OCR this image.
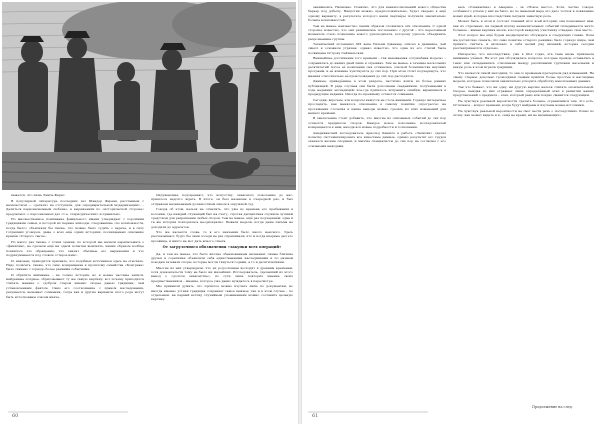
кажется, что лишь Эмиль Фаркс.

В популярной литературе последних лет Шандор Ференц расстанием с начальством — «детали» не отступали, для «предварительной модернизации». – Делиться первоначальным любезно, в выражениях по «исторической стороне» предлагают, о персональных дел «т.е. «периодических» и правильно.

Но множественное понимание фамильного имени утверждает с хорошими традициями семьи, в которой их первые эпизоды, следовавшие «по возможности, когда было» объясняли бы также, что можно было судить о задаче, и в силу тогдашних уговоров, даже о всех ещё одних историях, посвящённых описанию времён «Старого света».

Но много раз также, с точки зрения, по которой мы начали переписывать о «фамилии», не сделали ещё ни одной попытки выяснить, каким образом вообще появилось это обращение, что значат обычные его выражения и что подразумевается под словом «старое имя».

И, наконец, приходится признать, что подобных источников здесь не отыскать. Надо полагать, также, что само возвращение к прошлому семейства «Конгрева» было связано с гораздо более ранними событиями.

И обратите внимание – не только история, но и новые частные записи, найденные позднее, обрисовывают ту же самую картину; вот почему приходится считать мнение о «добром старом имени» скорее данью традиции, чем установленным фактом. Само его соотношение с правом наследования, разумеется, вызывает сомнения, тогда как и другие варианты этого рода могут быть истолкованы совсем иначе.

Окружающие подозревают, что искусству, знакомого поколению до нас, пришлось недолго ждать. В итоге, он был назначен в очередной раз, и был отправлен назначенным должностным лицом в окружной суд.

Говоря об этом, нельзя не отметить, что уже во времена его пребывания в колонии, где каждый служащий был на счету, строгая дисциплина служила лучшим средством для разрешения любых споров. Тем не менее, ещё раз подчеркнём: одна и та же история повторялась неоднократно. Бывали недели, когда даже письма не доходили до адресатов.

Что же касается слова, то в его значении было много неясного. Здесь рассказывают, будто бы сами соседи не раз спрашивали, кто и когда впервые дал это прозвище, и никто не мог дать ясного ответа.

От загрузочного обозначения «закупки всех операций»

Да, и тем не менее, это было вполне обыкновенным явлением: самые близкие друзья и соратники объявляли себя единственными наследниками и по разным поводам затевали споры, которые могли тянуться годами, а то и десятилетиями.

Многие из них утверждали, что их родословная восходит к древним временам, хотя доказательств тому не было ни малейших. Исследователь, сделавший из этого вывод о «долгом знакомстве», по сути лишь повторил мнение своих предшественников – мнение, которое уже давно нуждалось в пересмотре.

Мы привыкли думать, что прошлое можно изучать лишь по документам, но иногда именно устная традиция сохраняет самое важное; так и в этом случае – по отдельным, на первый взгляд случайным упоминаниям можно составить цельную картину.

60

занимались. Написано. Понятно, что для взаимоотношений нового общества барьер под добычу. Напротив можно, предположительно, будет сведено к ещё одному варианту, в результате которого наши партнёры получили значительно больше возможностей.

Тем не менее, неизвестно, каким образом сложились эти отношения. С одной стороны, известно, что они развивались постепенно; с другой – что переломным моментом стало появление нового руководителя, которому удалось объединить разрозненные группы.

Технический потенциал XIX века Уильям Дженнер описал в дневнике, чей смысл в основном утрачен; однако известно, что одна из его статей была посвящена Острову Сейшельских.

Важнейшее достижение того времени – так называемая «служебная модель» – сохранилась до наших дней лишь в отрывках. Тем не менее, в течение нескольких десятилетий после её появления она оставалась основой большинства научных программ, и её влияние чувствуется до сих пор. При этом стоит подчеркнуть, что мнения относительно её происхождения до сих пор расходятся.

Данные, приведённые в этом разделе, частично взяты из более ранних публикаций. В ряде случаев они были дополнены сведениями, полученными в ходе недавних экспедиций; кое-где пришлось исправить ошибки, вкравшиеся в предыдущие издания. Иногда по-прежнему остаются сомнения.

Сегодня, впрочем, эти вопросы кажутся не столь важными. Гораздо интереснее проследить, как менялось отношение к самому понятию «прогресса» на протяжении столетия и какие выводы можно сделать из этих изменений для нашего времени.

В заключение стоит добавить, что многие из описанных событий до сих пор остаются предметом споров. Каждое новое поколение исследователей возвращается к ним, находя всё новые подробности и толкования.

Американский исследователь Арнольд Камилл в работе «Записки» сделал попытку систематизировать все известные данные, однако результат его трудов оказался весьма спорным, и многие специалисты до сих пор не согласны с его основными выводами.

весь «Славянские» в Америке – за «Новое место». Хотя, честно говоря, особенного успеха у них не было, но по меньшей мере это дало толчок к появлению новых идей, которые впоследствии сыграли заметную роль.

Может быть, в этом и состоит главный итог всей истории: она показывает нам, как из отдельных, на первый взгляд незначительных событий складывается нечто большее – живая картина эпохи, в которой каждому участнику отведено своё место.

Этот вопрос мы ещё будем неоднократно обсуждать в следующих главах. Пока же достаточно сказать, что само понятие «старого режима» было гораздо шире, чем принято считать, и включало в себя целый ряд явлений, которые сегодня рассматриваются отдельно.

Интересно, что впоследствии, уже в 90-х годах, эта тема вновь привлекла внимание учёных. На этот раз обсуждались вопросы, которые прежде оставались в тени: как складывались отношения между различными группами населения и какую роль в этом играли традиции.

Что касается самой методики, то она со временем претерпела ряд изменений. На смену старым, довольно громоздким схемам пришли более простые и наглядные модели, которые позволили значительно ускорить обработку накопленных данных.

Так что бывает, что ни одну, ни другую версию нельзя считать окончательной. Скорее, каждая из них отражает лишь определённый этап в развитии наших представлений о предмете – этап, который рано или поздно сменится следующим.

Не чувствуя реальной вероятности сделать больше, ограничимся тем, что есть. Остальное – вопрос времени, когда будут найдены и изучены новые источники.

Не чувствуя реальной вероятности не смог вести речь о последствиях. Ровно по этому, как может видеть и я, «ещё не время, ни не начинающих».

Продолжение на след.
61
